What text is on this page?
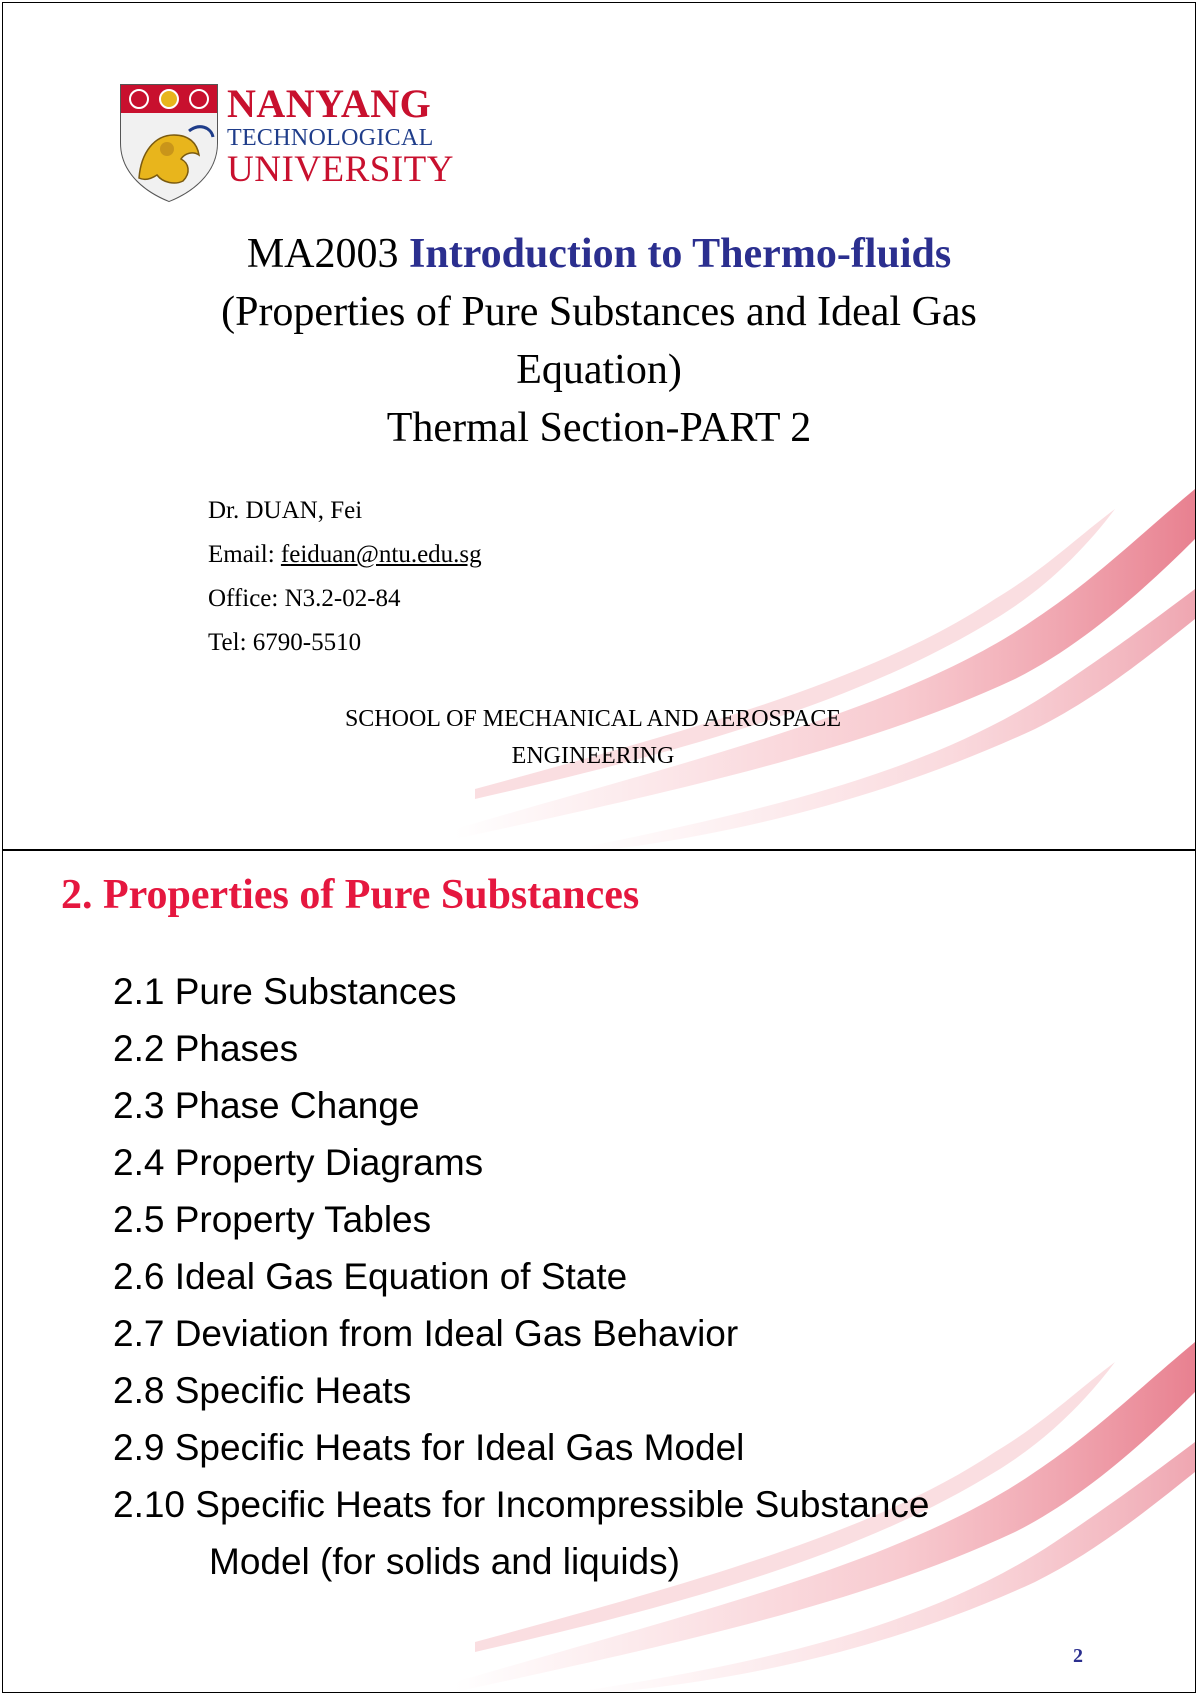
NANYANG
TECHNOLOGICAL
UNIVERSITY
MA2003 Introduction to Thermo-fluids
(Properties of Pure Substances and Ideal Gas
Equation)
Thermal Section-PART 2
Dr. DUAN, Fei
Email: feiduan@ntu.edu.sg
Office: N3.2-02-84
Tel: 6790-5510
SCHOOL OF MECHANICAL AND AEROSPACE
ENGINEERING
2. Properties of Pure Substances
2.1 Pure Substances
2.2 Phases
2.3 Phase Change
2.4 Property Diagrams
2.5 Property Tables
2.6 Ideal Gas Equation of State
2.7 Deviation from Ideal Gas Behavior
2.8 Specific Heats
2.9 Specific Heats for Ideal Gas Model
2.10 Specific Heats for Incompressible Substance
Model (for solids and liquids)
2
